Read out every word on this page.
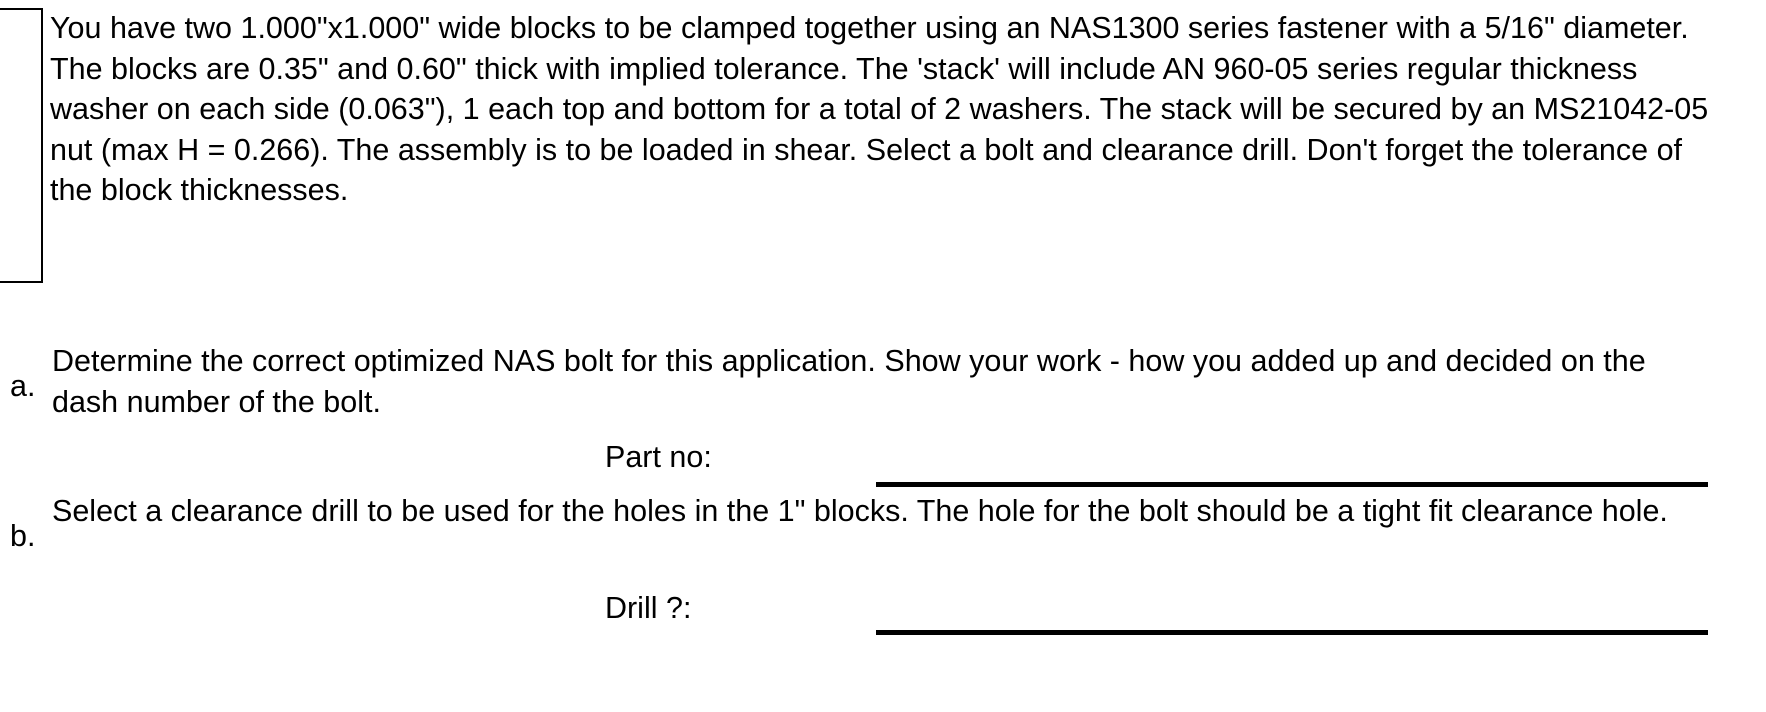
You have two 1.000"x1.000" wide blocks to be clamped together using an NAS1300 series fastener with a 5/16" diameter. The blocks are 0.35" and 0.60" thick with implied tolerance. The 'stack' will include AN 960-05 series regular thickness washer on each side (0.063"), 1 each top and bottom for a total of 2 washers. The stack will be secured by an MS21042-05 nut (max H = 0.266). The assembly is to be loaded in shear. Select a bolt and clearance drill. Don't forget the tolerance of the block thicknesses.
a.
Determine the correct optimized NAS bolt for this application. Show your work - how you added up and decided on the dash number of the bolt.
Part no:
b.
Select a clearance drill to be used for the holes in the 1" blocks. The hole for the bolt should be a tight fit clearance hole.
Drill ?:
